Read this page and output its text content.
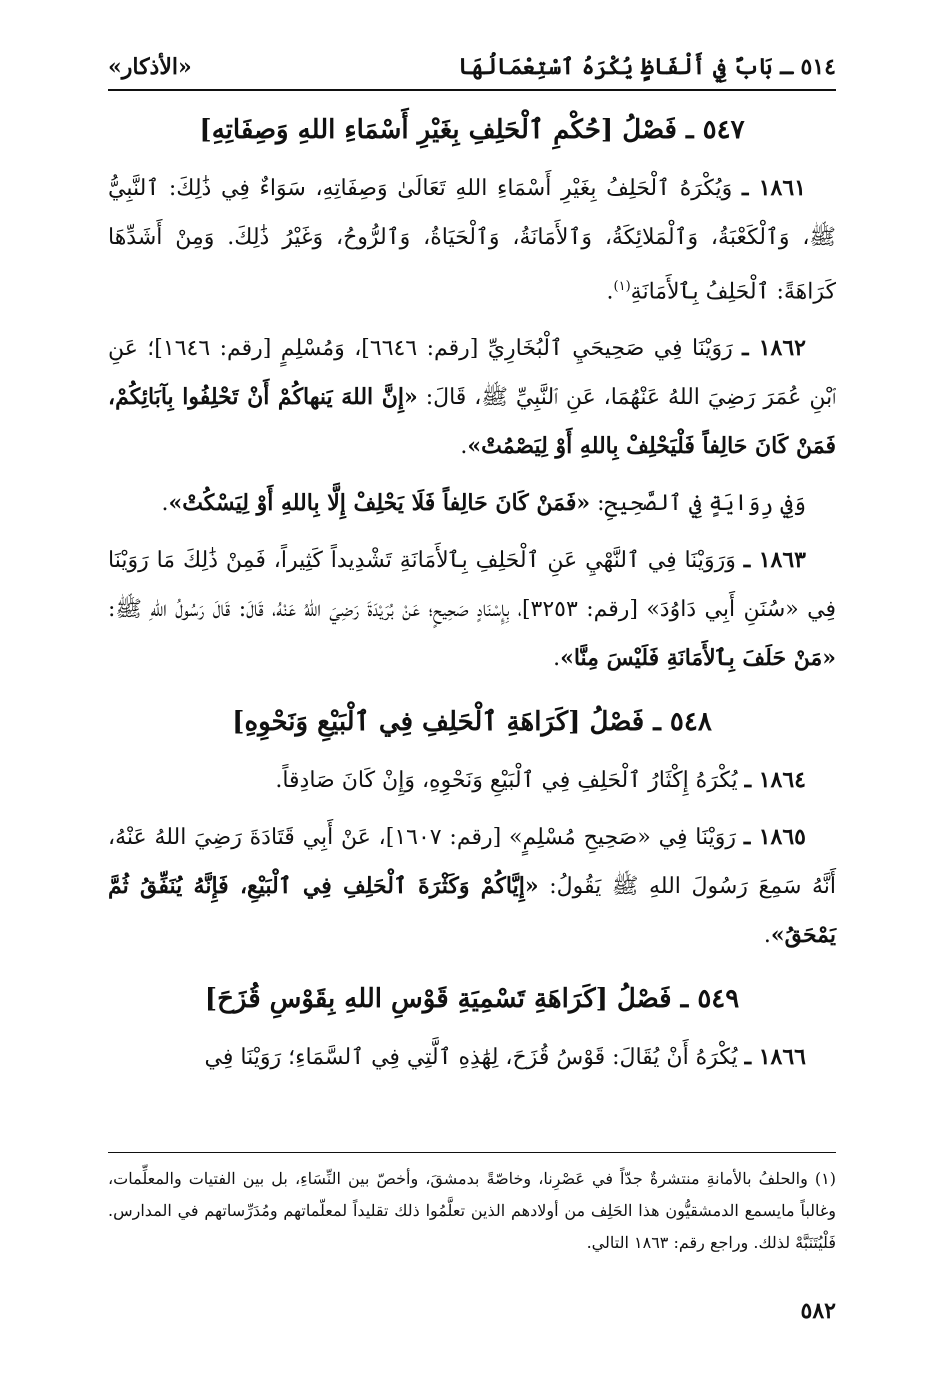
٥١٤ ـ بَابٌ فِي أَلْفَاظٍ يُكْرَهُ ٱسْتِعْمَالُهَا
«الأذكار»
٥٤٧ ـ فَصْلُ [حُكْمِ ٱلْحَلِفِ بِغَيْرِ أَسْمَاءِ اللهِ وَصِفَاتِهِ]

١٨٦١ ـ وَيُكْرَهُ ٱلْحَلِفُ بِغَيْرِ أَسْمَاءِ اللهِ تَعَالَىٰ وَصِفَاتِهِ، سَوَاءٌ فِي ذَٰلِكَ: ٱلنَّبِيُّ ﷺ، وَٱلْكَعْبَةُ، وَٱلْمَلائِكَةُ، وَٱلأَمَانَةُ، وَٱلْحَيَاةُ، وَٱلرُّوحُ، وَغَيْرُ ذَٰلِكَ. وَمِنْ أَشَدِّهَا كَرَاهَةً: ٱلْحَلِفُ بِٱلأَمَانَةِ$^{(١)}$.

١٨٦٢ ـ رَوَيْنَا فِي صَحِيحَيِ ٱلْبُخَارِيِّ [رقم: ٦٦٤٦]، وَمُسْلِمٍ [رقم: ١٦٤٦]؛ عَنِ ٱبْنِ عُمَرَ رَضِيَ اللهُ عَنْهُمَا، عَنِ ٱلنَّبِيِّ ﷺ، قَالَ: «إِنَّ اللهَ يَنهاكُمْ أَنْ تَحْلِفُوا بِآبَائِكُمْ، فَمَنْ كَانَ حَالِفاً فَلْيَحْلِفْ بِاللهِ أَوْ لِيَصْمُتْ».

وَفِي رِوَايَةٍ فِي ٱلصَّحِيحِ: «فَمَنْ كَانَ حَالِفاً فَلَا يَحْلِفْ إِلَّا بِاللهِ أَوْ لِيَسْكُتْ».

١٨٦٣ ـ وَرَوَيْنَا فِي ٱلنَّهْيِ عَنِ ٱلْحَلِفِ بِٱلأَمَانَةِ تَشْدِيداً كَثِيراً، فَمِنْ ذَٰلِكَ مَا رَوَيْنَا فِي «سُنَنِ أَبِي دَاوُدَ» [رقم: ٣٢٥٣]، بِإِسْنَادٍ صَحِيحٍ؛ عَنْ بُرَيْدَةَ رَضِيَ اللهُ عَنْهُ، قَالَ: قَالَ رَسُولُ اللهِ ﷺ: «مَنْ حَلَفَ بِٱلأَمَانَةِ فَلَيْسَ مِنَّا».

٥٤٨ ـ فَصْلُ [كَرَاهَةِ ٱلْحَلِفِ فِي ٱلْبَيْعِ وَنَحْوِهِ]

١٨٦٤ ـ يُكْرَهُ إِكْثَارُ ٱلْحَلِفِ فِي ٱلْبَيْعِ وَنَحْوِهِ، وَإِنْ كَانَ صَادِقاً.

١٨٦٥ ـ رَوَيْنَا فِي «صَحِيحِ مُسْلِمٍ» [رقم: ١٦٠٧]، عَنْ أَبِي قَتَادَةَ رَضِيَ اللهُ عَنْهُ، أَنَّهُ سَمِعَ رَسُولَ اللهِ ﷺ يَقُولُ: «إِيَّاكُمْ وَكَثْرَةَ ٱلْحَلِفِ فِي ٱلْبَيْعِ، فَإِنَّهُ يُنَفِّقُ ثُمَّ يَمْحَقُ».

٥٤٩ ـ فَصْلُ [كَرَاهَةِ تَسْمِيَةِ قَوْسِ اللهِ بِقَوْسِ قُزَحَ]

١٨٦٦ ـ يُكْرَهُ أَنْ يُقَالَ: قَوْسُ قُزَحَ، لِهَٰذِهِ ٱلَّتِي فِي ٱلسَّمَاءِ؛ رَوَيْنَا فِي

(١) والحلفُ بالأمانةِ منتشرةٌ جدّاً في عَصْرِنا، وخاصّةً بدمشقَ، وأخصّ بين النِّسَاءِ، بل بين الفتيات والمعلِّمات، وغالباً مايسمع الدمشقيُّون هذا الحَلِف من أولادهم الذين تعلَّمُوا ذلك تقليداً لمعلّماتهم ومُدَرِّساتهم في المدارس. فَلْيُتَنَبَّهْ لذلك. وراجع رقم: ١٨٦٣ التالي.

٥٨٢
